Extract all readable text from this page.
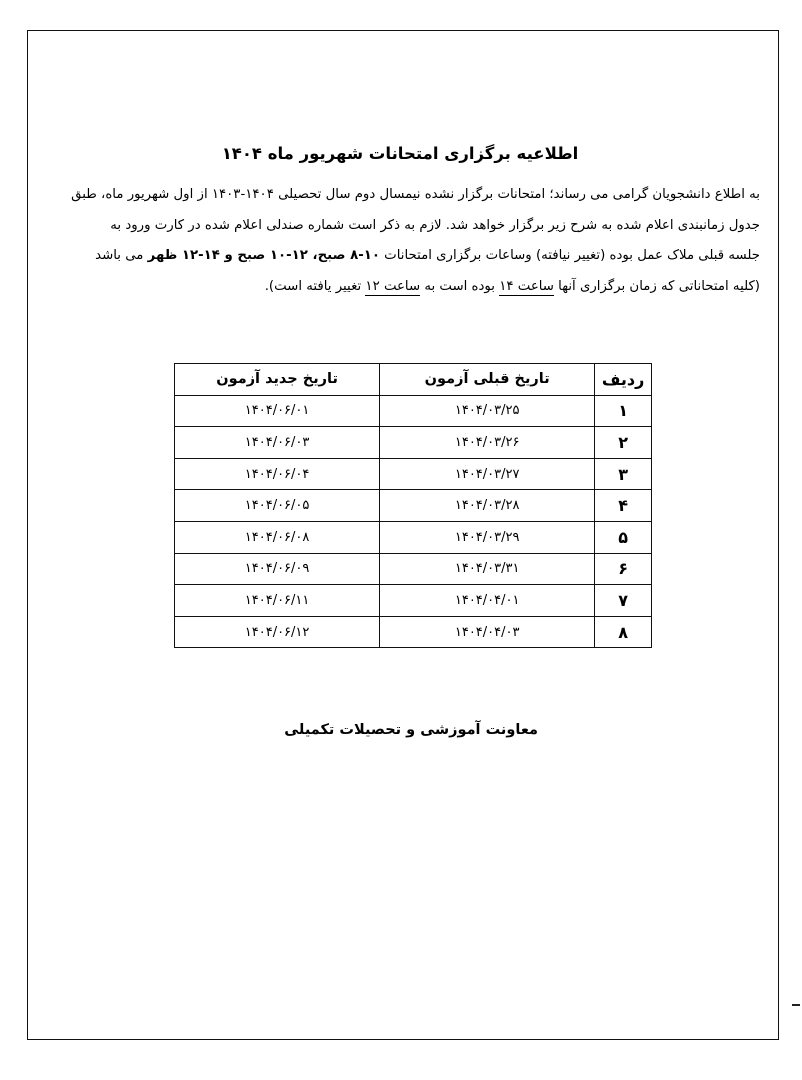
اطلاعیه برگزاری امتحانات شهریور ماه ۱۴۰۴

به اطلاع دانشجویان گرامی می رساند؛ امتحانات برگزار نشده نیمسال دوم سال تحصیلی ۱۴۰۴-۱۴۰۳ از اول شهریور ماه، طبق

جدول زمانبندی اعلام شده به شرح زیر برگزار خواهد شد. لازم به ذکر است شماره صندلی اعلام شده در کارت ورود به

جلسه قبلی ملاک عمل بوده (تغییر نیافته) وساعات برگزاری امتحانات ۱۰-۸ صبح، ۱۲-۱۰ صبح و ۱۴-۱۲ ظهر می باشد

(کلیه امتحاناتی که زمان برگزاری آنها ساعت ۱۴ بوده است به ساعت ۱۲ تغییر یافته است).

ردیف	تاریخ قبلی آزمون	تاریخ جدید آزمون
۱	۱۴۰۴/۰۳/۲۵	۱۴۰۴/۰۶/۰۱
۲	۱۴۰۴/۰۳/۲۶	۱۴۰۴/۰۶/۰۳
۳	۱۴۰۴/۰۳/۲۷	۱۴۰۴/۰۶/۰۴
۴	۱۴۰۴/۰۳/۲۸	۱۴۰۴/۰۶/۰۵
۵	۱۴۰۴/۰۳/۲۹	۱۴۰۴/۰۶/۰۸
۶	۱۴۰۴/۰۳/۳۱	۱۴۰۴/۰۶/۰۹
۷	۱۴۰۴/۰۴/۰۱	۱۴۰۴/۰۶/۱۱
۸	۱۴۰۴/۰۴/۰۳	۱۴۰۴/۰۶/۱۲
معاونت آموزشی و تحصیلات تکمیلی
